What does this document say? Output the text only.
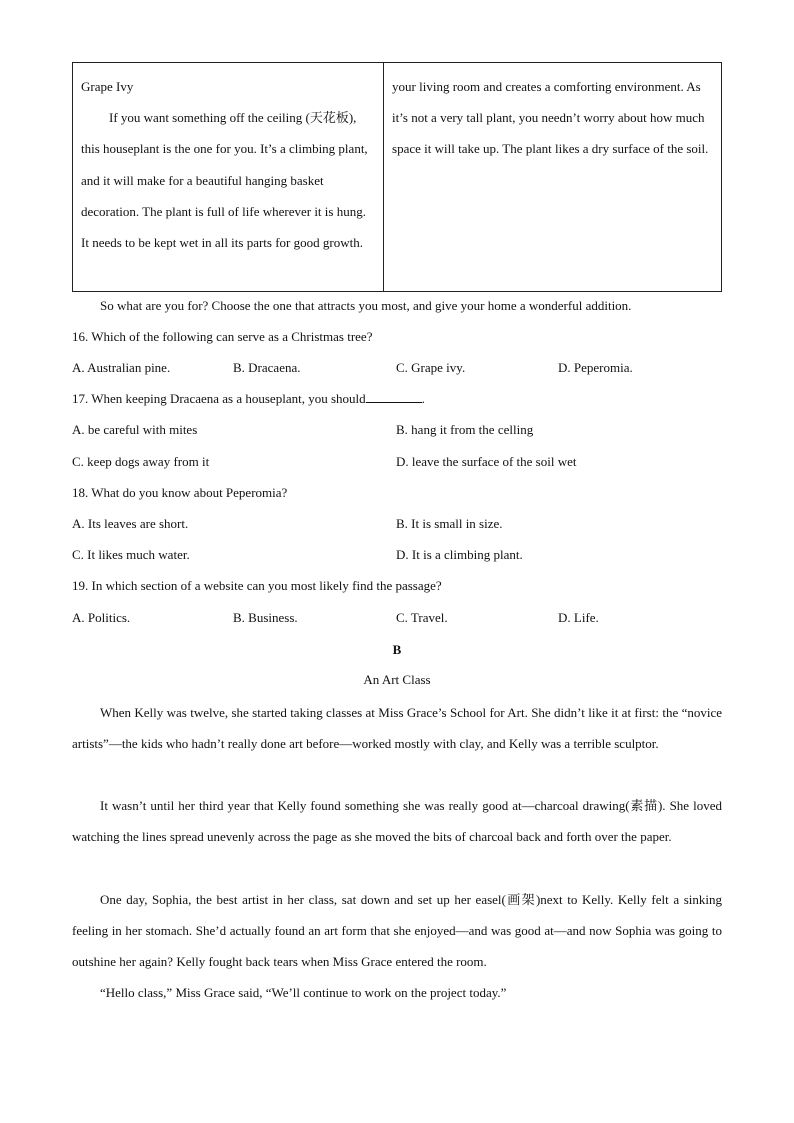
Grape Ivy
If you want something off the ceiling (天花板), this houseplant is the one for you. It’s a climbing plant, and it will make for a beautiful hanging basket decoration. The plant is full of life wherever it is hung. It needs to be kept wet in all its parts for good growth.
your living room and creates a comforting environment. As it’s not a very tall plant, you needn’t worry about how much space it will take up. The plant likes a dry surface of the soil.
So what are you for? Choose the one that attracts you most, and give your home a wonderful addition.
16. Which of the following can serve as a Christmas tree?
A. Australian pine.	B. Dracaena.	C. Grape ivy.	D. Peperomia.
17. When keeping Dracaena as a houseplant, you should	.
A. be careful with mites	B. hang it from the celling
C. keep dogs away from it	D. leave the surface of the soil wet
18. What do you know about Peperomia?
A. Its leaves are short.	B. It is small in size.
C. It likes much water.	D. It is a climbing plant.
19. In which section of a website can you most likely find the passage?
A. Politics.	B. Business.	C. Travel.	D. Life.
B
An Art Class
When Kelly was twelve, she started taking classes at Miss Grace’s School for Art. She didn’t like it at first: the “novice artists”—the kids who hadn’t really done art before—worked mostly with clay, and Kelly was a terrible sculptor.
It wasn’t until her third year that Kelly found something she was really good at—charcoal drawing(素描). She loved watching the lines spread unevenly across the page as she moved the bits of charcoal back and forth over the paper.
One day, Sophia, the best artist in her class, sat down and set up her easel(画架)next to Kelly. Kelly felt a sinking feeling in her stomach. She’d actually found an art form that she enjoyed—and was good at—and now Sophia was going to outshine her again? Kelly fought back tears when Miss Grace entered the room.
“Hello class,” Miss Grace said, “We’ll continue to work on the project today.”
